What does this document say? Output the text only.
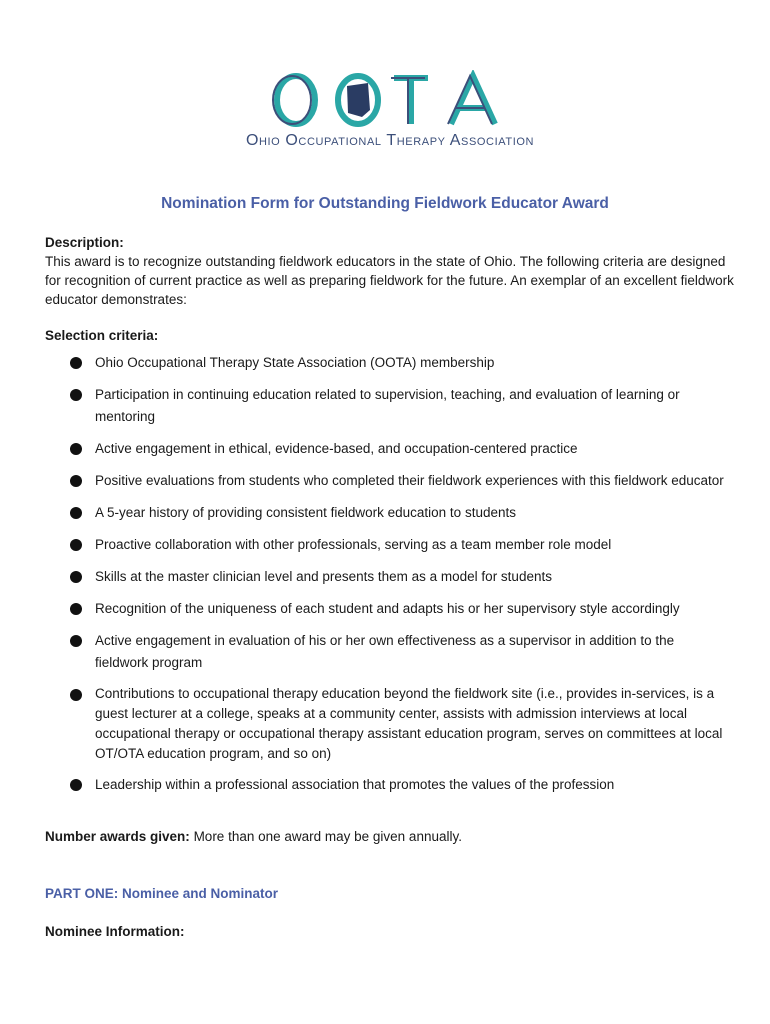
Ohio Occupational Therapy Association
Nomination Form for Outstanding Fieldwork Educator Award
Description:
This award is to recognize outstanding fieldwork educators in the state of Ohio. The following criteria are designed for recognition of current practice as well as preparing fieldwork for the future. An exemplar of an excellent fieldwork educator demonstrates:
Selection criteria:
Ohio Occupational Therapy State Association (OOTA) membership
Participation in continuing education related to supervision, teaching, and evaluation of learning or mentoring
Active engagement in ethical, evidence-based, and occupation-centered practice
Positive evaluations from students who completed their fieldwork experiences with this fieldwork educator
A 5-year history of providing consistent fieldwork education to students
Proactive collaboration with other professionals, serving as a team member role model
Skills at the master clinician level and presents them as a model for students
Recognition of the uniqueness of each student and adapts his or her supervisory style accordingly
Active engagement in evaluation of his or her own effectiveness as a supervisor in addition to the fieldwork program
Contributions to occupational therapy education beyond the fieldwork site (i.e., provides in-services, is a guest lecturer at a college, speaks at a community center, assists with admission interviews at local occupational therapy or occupational therapy assistant education program, serves on committees at local OT/OTA education program, and so on)
Leadership within a professional association that promotes the values of the profession
Number awards given: More than one award may be given annually.
PART ONE: Nominee and Nominator
Nominee Information:
